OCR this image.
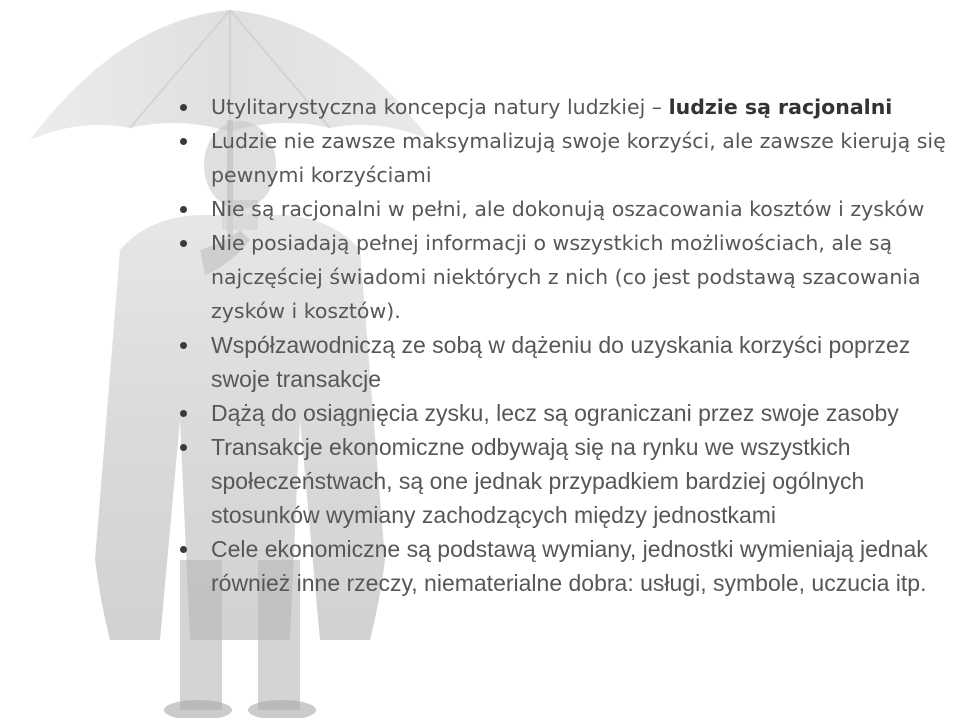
Utylitarystyczna koncepcja natury ludzkiej – ludzie są racjonalni
Ludzie nie zawsze maksymalizują swoje korzyści, ale zawsze kierują się pewnymi korzyściami
Nie są racjonalni w pełni, ale dokonują oszacowania kosztów i zysków
Nie posiadają pełnej informacji o wszystkich możliwościach, ale są najczęściej świadomi niektórych z nich (co jest podstawą szacowania zysków i kosztów).
Współzawodniczą ze sobą w dążeniu do uzyskania korzyści poprzez swoje transakcje
Dążą do osiągnięcia zysku, lecz są ograniczani przez swoje zasoby
Transakcje ekonomiczne odbywają się na rynku we wszystkich społeczeństwach, są one jednak przypadkiem bardziej ogólnych stosunków wymiany zachodzących między jednostkami
Cele ekonomiczne są podstawą wymiany, jednostki wymieniają jednak również inne rzeczy, niematerialne dobra: usługi, symbole, uczucia itp.
